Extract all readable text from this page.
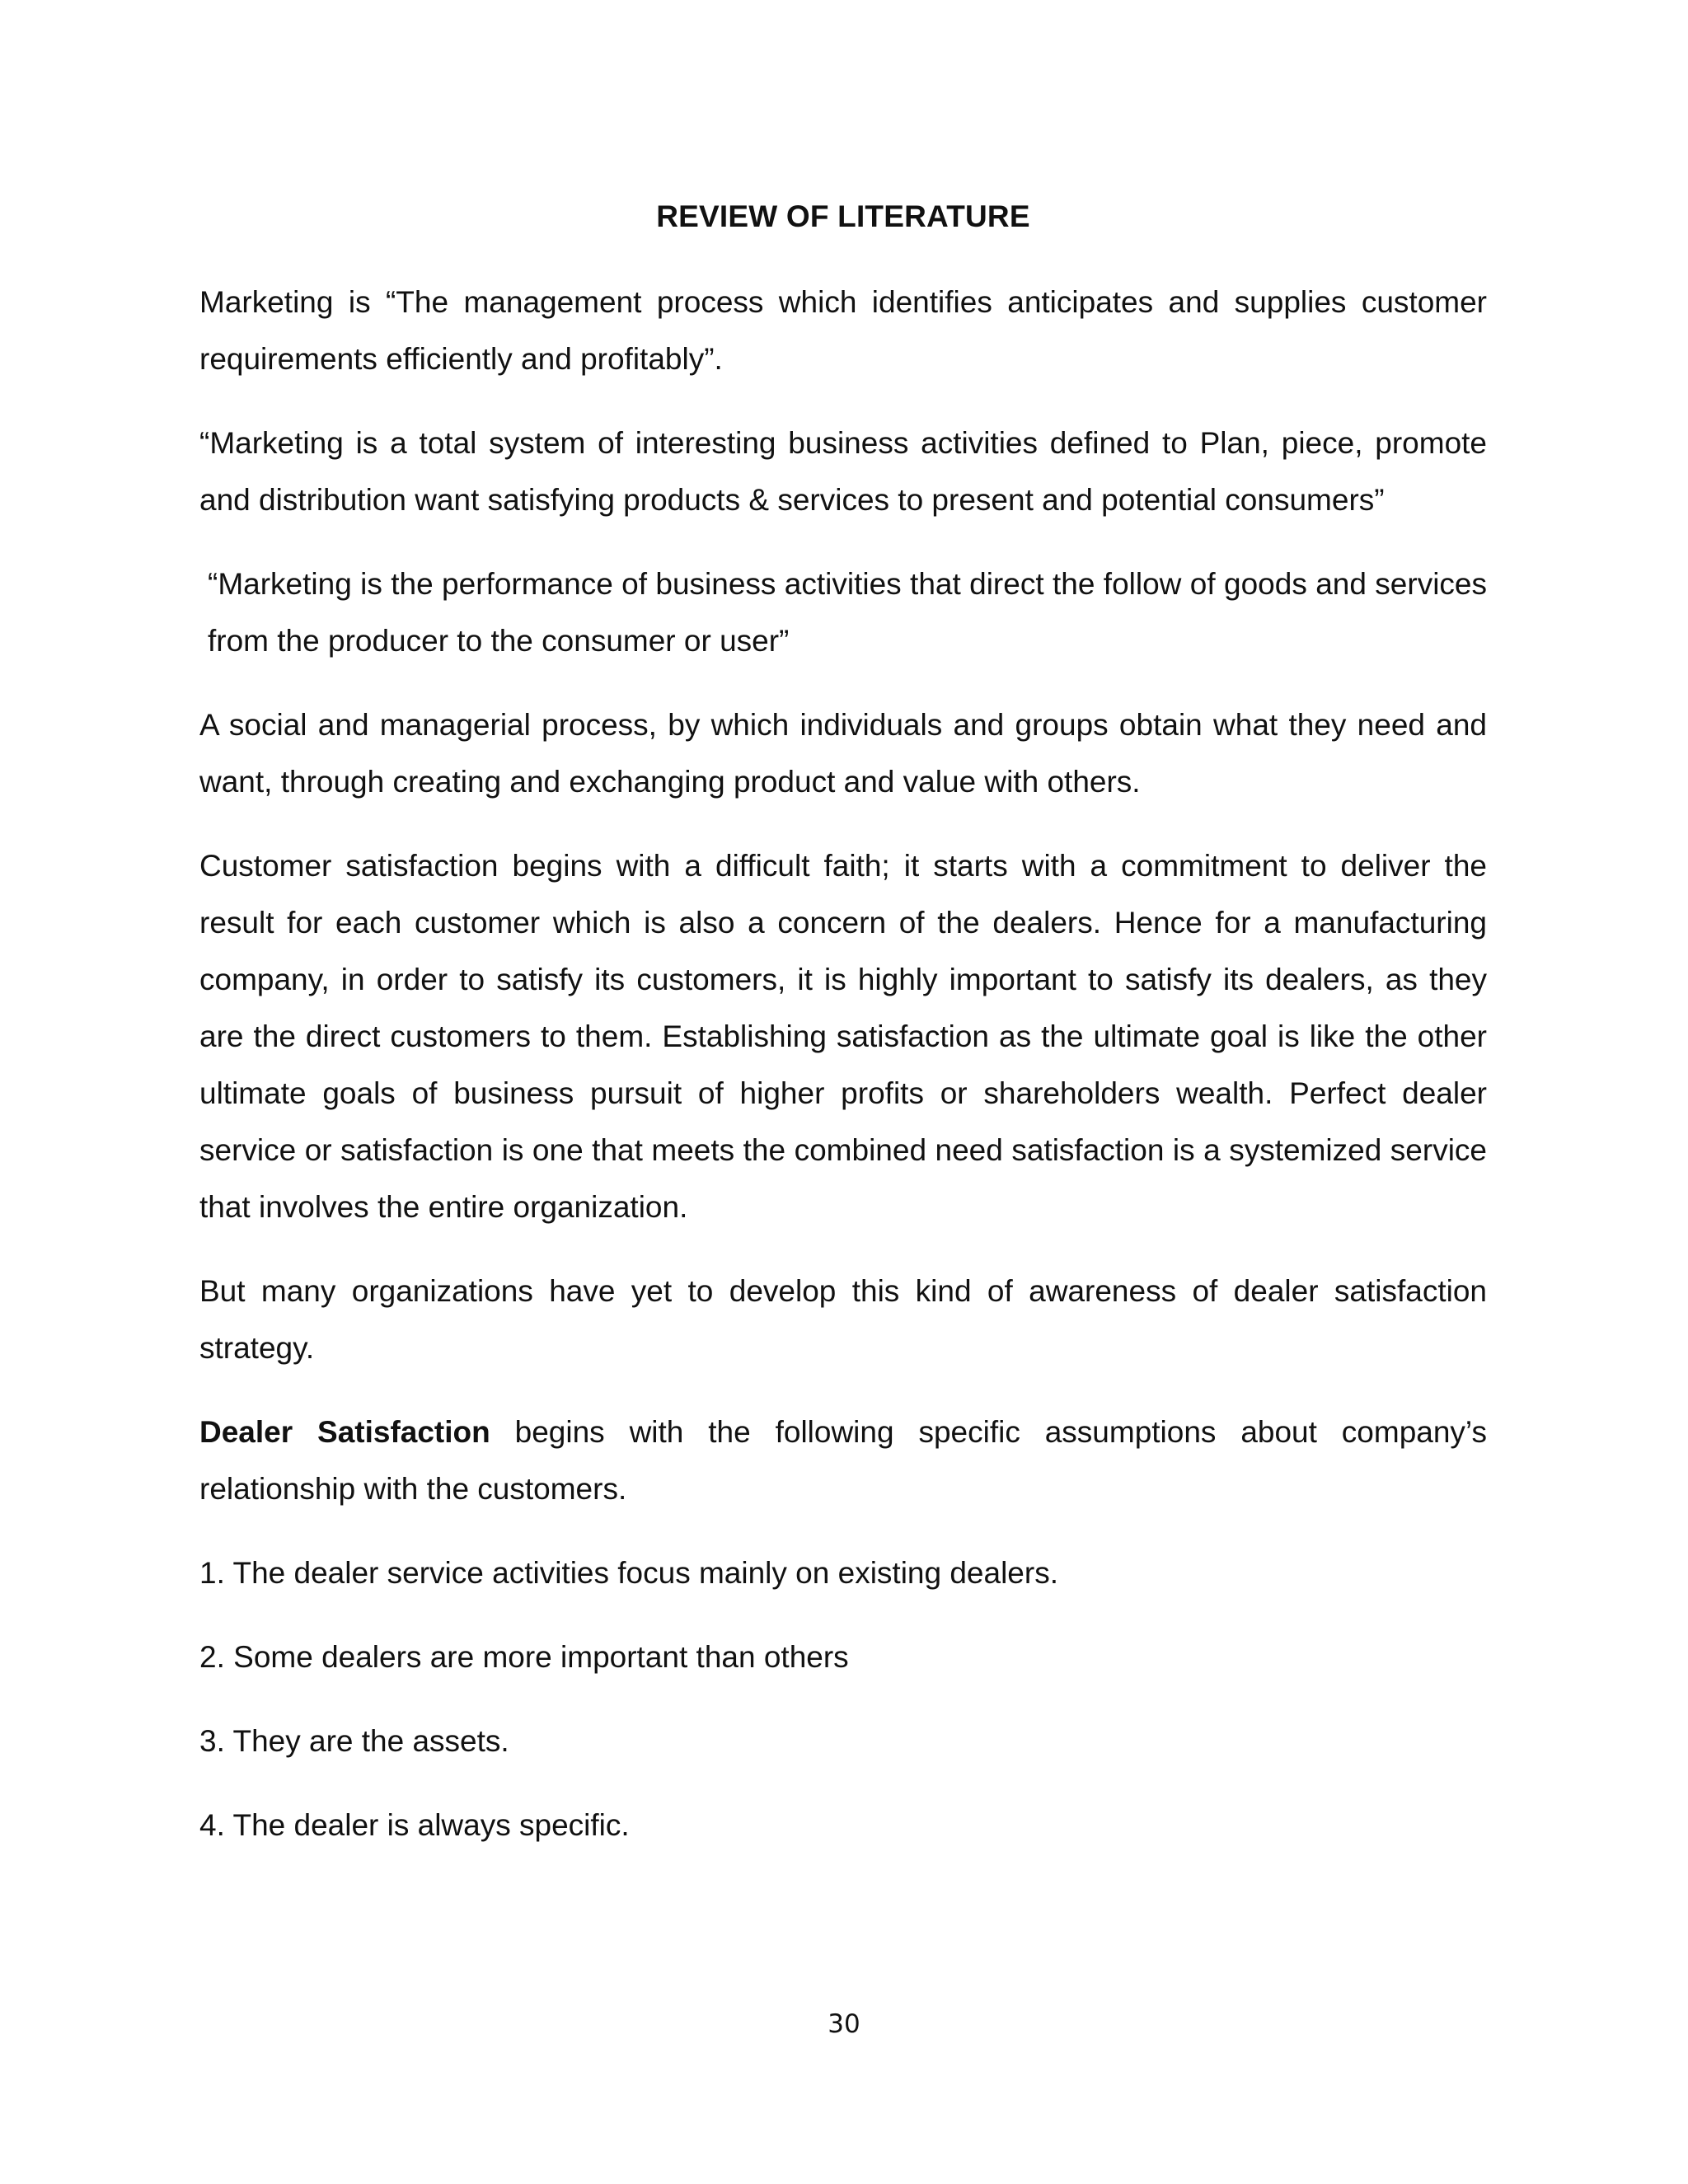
REVIEW OF LITERATURE

Marketing is “The management process which identifies anticipates and supplies customer requirements efficiently and profitably”.

“Marketing is a total system of interesting business activities defined to Plan, piece, promote and distribution want satisfying products & services to present and potential consumers”

“Marketing is the performance of business activities that direct the follow of goods and services from the producer to the consumer or user”

A social and managerial process, by which individuals and groups obtain what they need and want, through creating and exchanging product and value with others.

Customer satisfaction begins with a difficult faith; it starts with a commitment to deliver the result for each customer which is also a concern of the dealers. Hence for a manufacturing company, in order to satisfy its customers, it is highly important to satisfy its dealers, as they are the direct customers to them. Establishing satisfaction as the ultimate goal is like the other ultimate goals of business pursuit of higher profits or shareholders wealth. Perfect dealer service or satisfaction is one that meets the combined need satisfaction is a systemized service that involves the entire organization.

But many organizations have yet to develop this kind of awareness of dealer satisfaction strategy.

Dealer Satisfaction begins with the following specific assumptions about company’s relationship with the customers.

1. The dealer service activities focus mainly on existing dealers.
2. Some dealers are more important than others
3. They are the assets.
4. The dealer is always specific.
30
